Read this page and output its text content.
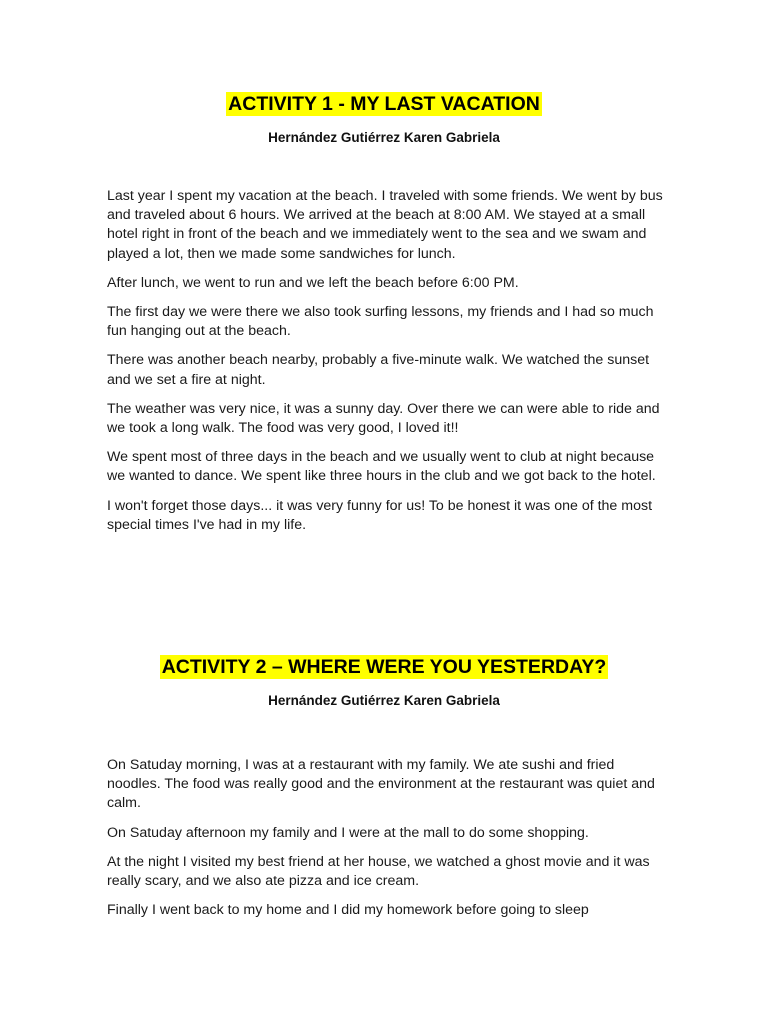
ACTIVITY 1 - MY LAST VACATION
Hernández Gutiérrez Karen Gabriela

Last year I spent my vacation at the beach. I traveled with some friends. We went by bus and traveled about 6 hours. We arrived at the beach at 8:00 AM. We stayed at a small hotel right in front of the beach and we immediately went to the sea and we swam and played a lot, then we made some sandwiches for lunch.

After lunch, we went to run and we left the beach before 6:00 PM.

The first day we were there we also took surfing lessons, my friends and I had so much fun hanging out at the beach.

There was another beach nearby, probably a five-minute walk. We watched the sunset and we set a fire at night.

The weather was very nice, it was a sunny day. Over there we can were able to ride and we took a long walk. The food was very good, I loved it!!

We spent most of three days in the beach and we usually went to club at night because we wanted to dance. We spent like three hours in the club and we got back to the hotel.

I won't forget those days... it was very funny for us! To be honest it was one of the most special times I've had in my life.

ACTIVITY 2 – WHERE WERE YOU YESTERDAY?
Hernández Gutiérrez Karen Gabriela

On Satuday morning, I was at a restaurant with my family. We ate sushi and fried noodles. The food was really good and the environment at the restaurant was quiet and calm.

On Satuday afternoon my family and I were at the mall to do some shopping.

At the night I visited my best friend at her house, we watched a ghost movie and it was really scary, and we also ate pizza and ice cream.

Finally I went back to my home and I did my homework before going to sleep
